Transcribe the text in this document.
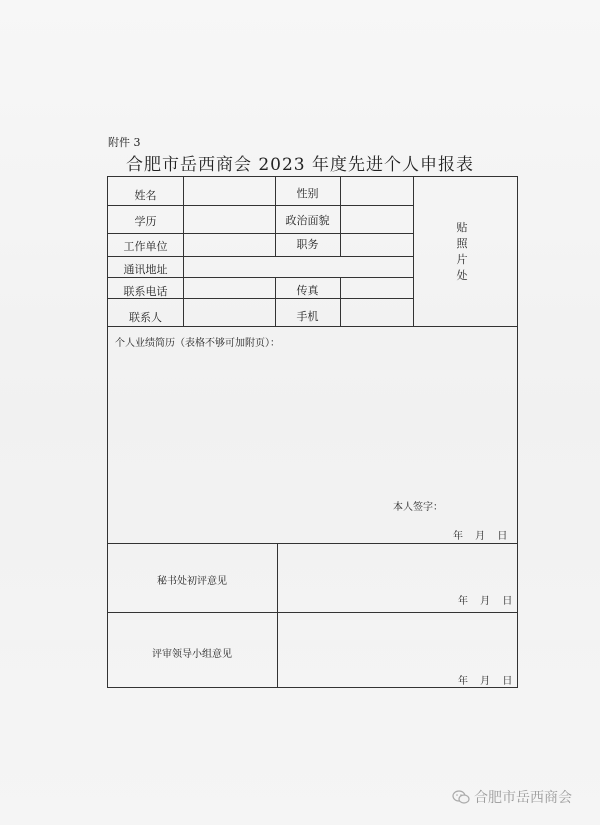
附件 3
合肥市岳西商会 2023 年度先进个人申报表
姓名	性别
学历	政治面貌
工作单位	职务
通讯地址
联系电话	传真
联系人	手机
贴
照
片
处
个人业绩简历（表格不够可加附页）：
本人签字：
年 月 日
秘书处初评意见
年 月 日
评审领导小组意见
年 月 日
合肥市岳西商会
